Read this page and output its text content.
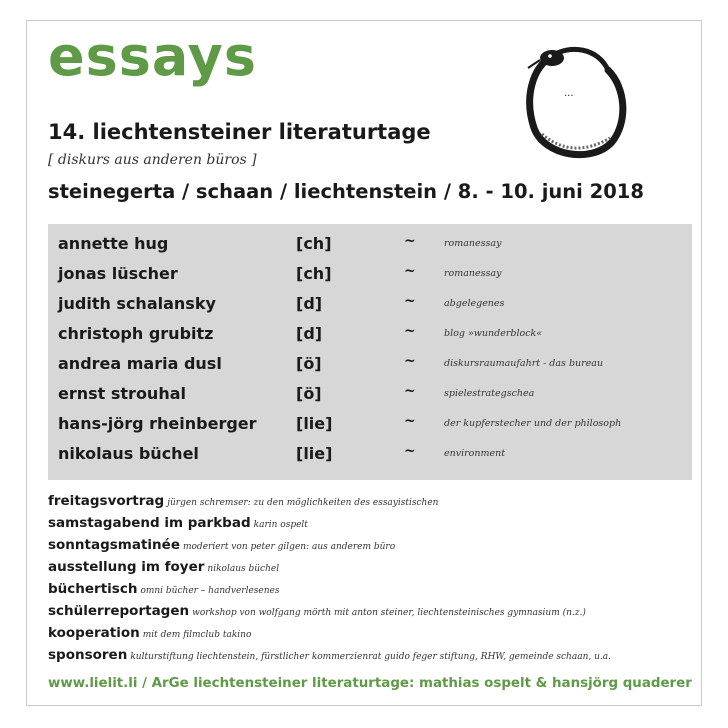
essays
...
14. liechtensteiner literaturtage

[ diskurs aus anderen büros ]

steinegerta / schaan / liechtenstein / 8. - 10. juni 2018

annette hug	[ch]	~	romanessay
jonas lüscher	[ch]	~	romanessay
judith schalansky	[d]	~	abgelegenes
christoph grubitz	[d]	~	blog »wunderblock«
andrea maria dusl	[ö]	~	diskursraumaufahrt - das bureau
ernst strouhal	[ö]	~	spielestrategschea
hans-jörg rheinberger [lie]	~	der kupferstecher und der philosoph
nikolaus büchel	[lie]	~	environment
freitagsvortrag jürgen schremser: zu den möglichkeiten des essayistischen
samstagabend im parkbad karin ospelt
sonntagsmatinée moderiert von peter gilgen: aus anderem büro
ausstellung im foyer nikolaus büchel
büchertisch omni bücher – handverlesenes
schülerreportagen workshop von wolfgang mörth mit anton steiner, liechtensteinisches gymnasium (n.z.)
kooperation mit dem filmclub takino
sponsoren kulturstiftung liechtenstein, fürstlicher kommerzienrat guido feger stiftung, RHW, gemeinde schaan, u.a.

www.lielit.li / ArGe liechtensteiner literaturtage: mathias ospelt & hansjörg quaderer
